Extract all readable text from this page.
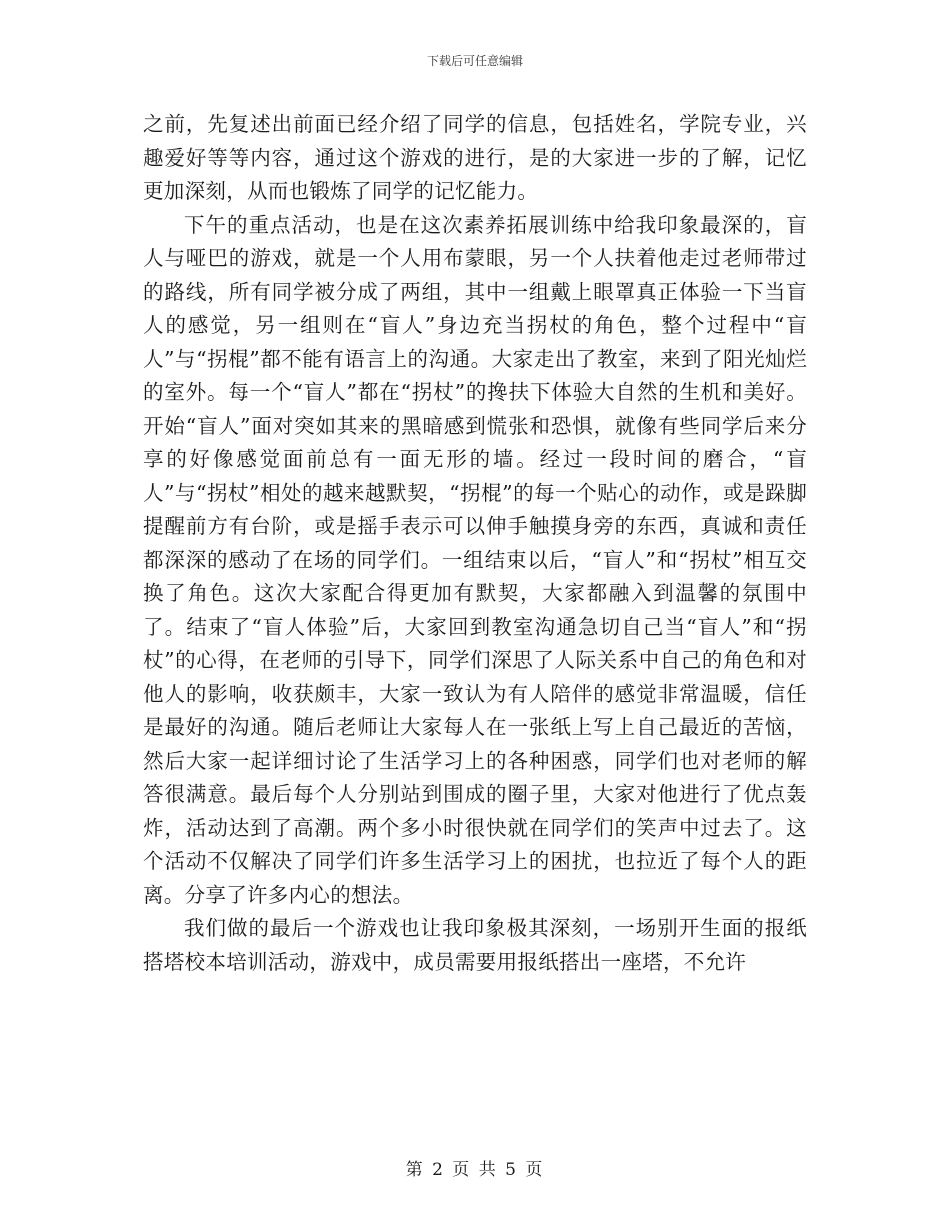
下载后可任意编辑

之前，先复述出前面已经介绍了同学的信息，包括姓名，学院专业，兴趣爱好等等内容，通过这个游戏的进行，是的大家进一步的了解，记忆更加深刻，从而也锻炼了同学的记忆能力。

下午的重点活动，也是在这次素养拓展训练中给我印象最深的，盲人与哑巴的游戏，就是一个人用布蒙眼，另一个人扶着他走过老师带过的路线，所有同学被分成了两组，其中一组戴上眼罩真正体验一下当盲人的感觉，另一组则在“盲人”身边充当拐杖的角色，整个过程中“盲人”与“拐棍”都不能有语言上的沟通。大家走出了教室，来到了阳光灿烂的室外。每一个“盲人”都在“拐杖”的搀扶下体验大自然的生机和美好。开始“盲人”面对突如其来的黑暗感到慌张和恐惧，就像有些同学后来分享的好像感觉面前总有一面无形的墙。经过一段时间的磨合，“盲人”与“拐杖”相处的越来越默契，“拐棍”的每一个贴心的动作，或是跺脚提醒前方有台阶，或是摇手表示可以伸手触摸身旁的东西，真诚和责任都深深的感动了在场的同学们。一组结束以后，“盲人”和“拐杖”相互交换了角色。这次大家配合得更加有默契，大家都融入到温馨的氛围中了。结束了“盲人体验”后，大家回到教室沟通急切自己当“盲人”和“拐杖”的心得，在老师的引导下，同学们深思了人际关系中自己的角色和对他人的影响，收获颇丰，大家一致认为有人陪伴的感觉非常温暖，信任是最好的沟通。随后老师让大家每人在一张纸上写上自己最近的苦恼，然后大家一起详细讨论了生活学习上的各种困惑，同学们也对老师的解答很满意。最后每个人分别站到围成的圈子里，大家对他进行了优点轰炸，活动达到了高潮。两个多小时很快就在同学们的笑声中过去了。这个活动不仅解决了同学们许多生活学习上的困扰，也拉近了每个人的距离。分享了许多内心的想法。

我们做的最后一个游戏也让我印象极其深刻，一场别开生面的报纸搭塔校本培训活动，游戏中，成员需要用报纸搭出一座塔，不允许

第 2 页 共 5 页
